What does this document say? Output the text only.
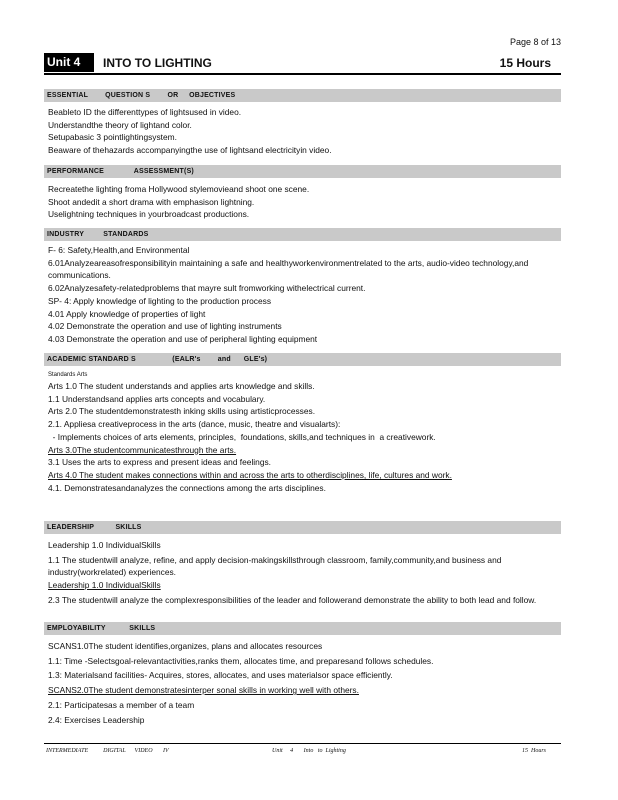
Page 8 of 13
Unit 4	INTO TO LIGHTING	15 Hours
ESSENTIAL        QUESTION S        OR     OBJECTIVES
Beableto ID the differenttypes of lightsused in video.
Understandthe theory of lightand color.
Setupabasic 3 pointlightingsystem.
Beaware of thehazards accompanyingthe use of lightsand electricityin video.
PERFORMANCE              ASSESSMENT(S)
Recreatethe lighting froma Hollywood stylemovieand shoot one scene.
Shoot andedit a short drama with emphasison lightning.
Uselightning techniques in yourbroadcast productions.
INDUSTRY         STANDARDS
F- 6: Safety,Health,and Environmental
6.01Analyzeareasofresponsibilityin maintaining a safe and healthyworkenvironmentrelated to the arts, audio-video technology,and communications.
6.02Analyzesafety-relatedproblems that mayre sult fromworking withelectrical current.
SP- 4: Apply knowledge of lighting to the production process
4.01 Apply knowledge of properties of light
4.02 Demonstrate the operation and use of lighting instruments
4.03 Demonstrate the operation and use of peripheral lighting equipment
ACADEMIC STANDARD S                 (EALR's        and      GLE's)
Standards Arts
Arts 1.0 The student understands and applies arts knowledge and skills.
1.1 Understandsand applies arts concepts and vocabulary.
Arts 2.0 The studentdemonstratesth inking skills using artisticprocesses.
2.1. Appliesa creativeprocess in the arts (dance, music, theatre and visualarts):
- Implements choices of arts elements, principles,  foundations, skills,and techniques in  a creativework.
Arts 3.0The studentcommunicatesthrough the arts.
3.1 Uses the arts to express and present ideas and feelings.
Arts 4.0 The student makes connections within and across the arts to otherdisciplines, life, cultures and work.
4.1. Demonstratesandanalyzes the connections among the arts disciplines.
LEADERSHIP          SKILLS
Leadership 1.0 IndividualSkills
1.1 The studentwill analyze, refine, and apply decision-makingskillsthrough classroom, family,community,and business and industry(workrelated) experiences.
Leadership 1.0 IndividualSkills
2.3 The studentwill analyze the complexresponsibilities of the leader and followerand demonstrate the ability to both lead and follow.
EMPLOYABILITY           SKILLS
SCANS1.0The student identifies,organizes, plans and allocates resources
1.1: Time -Selectsgoal-relevantactivities,ranks them, allocates time, and preparesand follows schedules.
1.3: Materialsand facilities- Acquires, stores, allocates, and uses materialsor space efficiently.
SCANS2.0The student demonstratesinterper sonal skills in working well with others.
2.1: Participatesas a member of a team
2.4: Exercises Leadership
INTERMEDIATE          DIGITAL      VIDEO       IV	Unit     4       Into   to  Lighting	15  Hours
